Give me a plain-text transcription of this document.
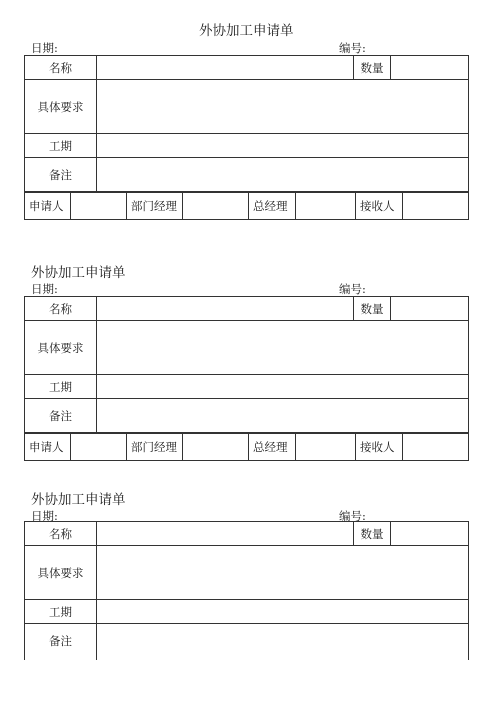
外协加工申请单
日期:	编号:
名称		数量	
具体要求			
工期			
备注			
申请人		部门经理		总经理		接收人	
外协加工申请单
日期:	编号:
名称		数量	
具体要求			
工期			
备注			
申请人		部门经理		总经理		接收人	
外协加工申请单
日期:	编号:
名称		数量	
具体要求			
工期			
备注			
